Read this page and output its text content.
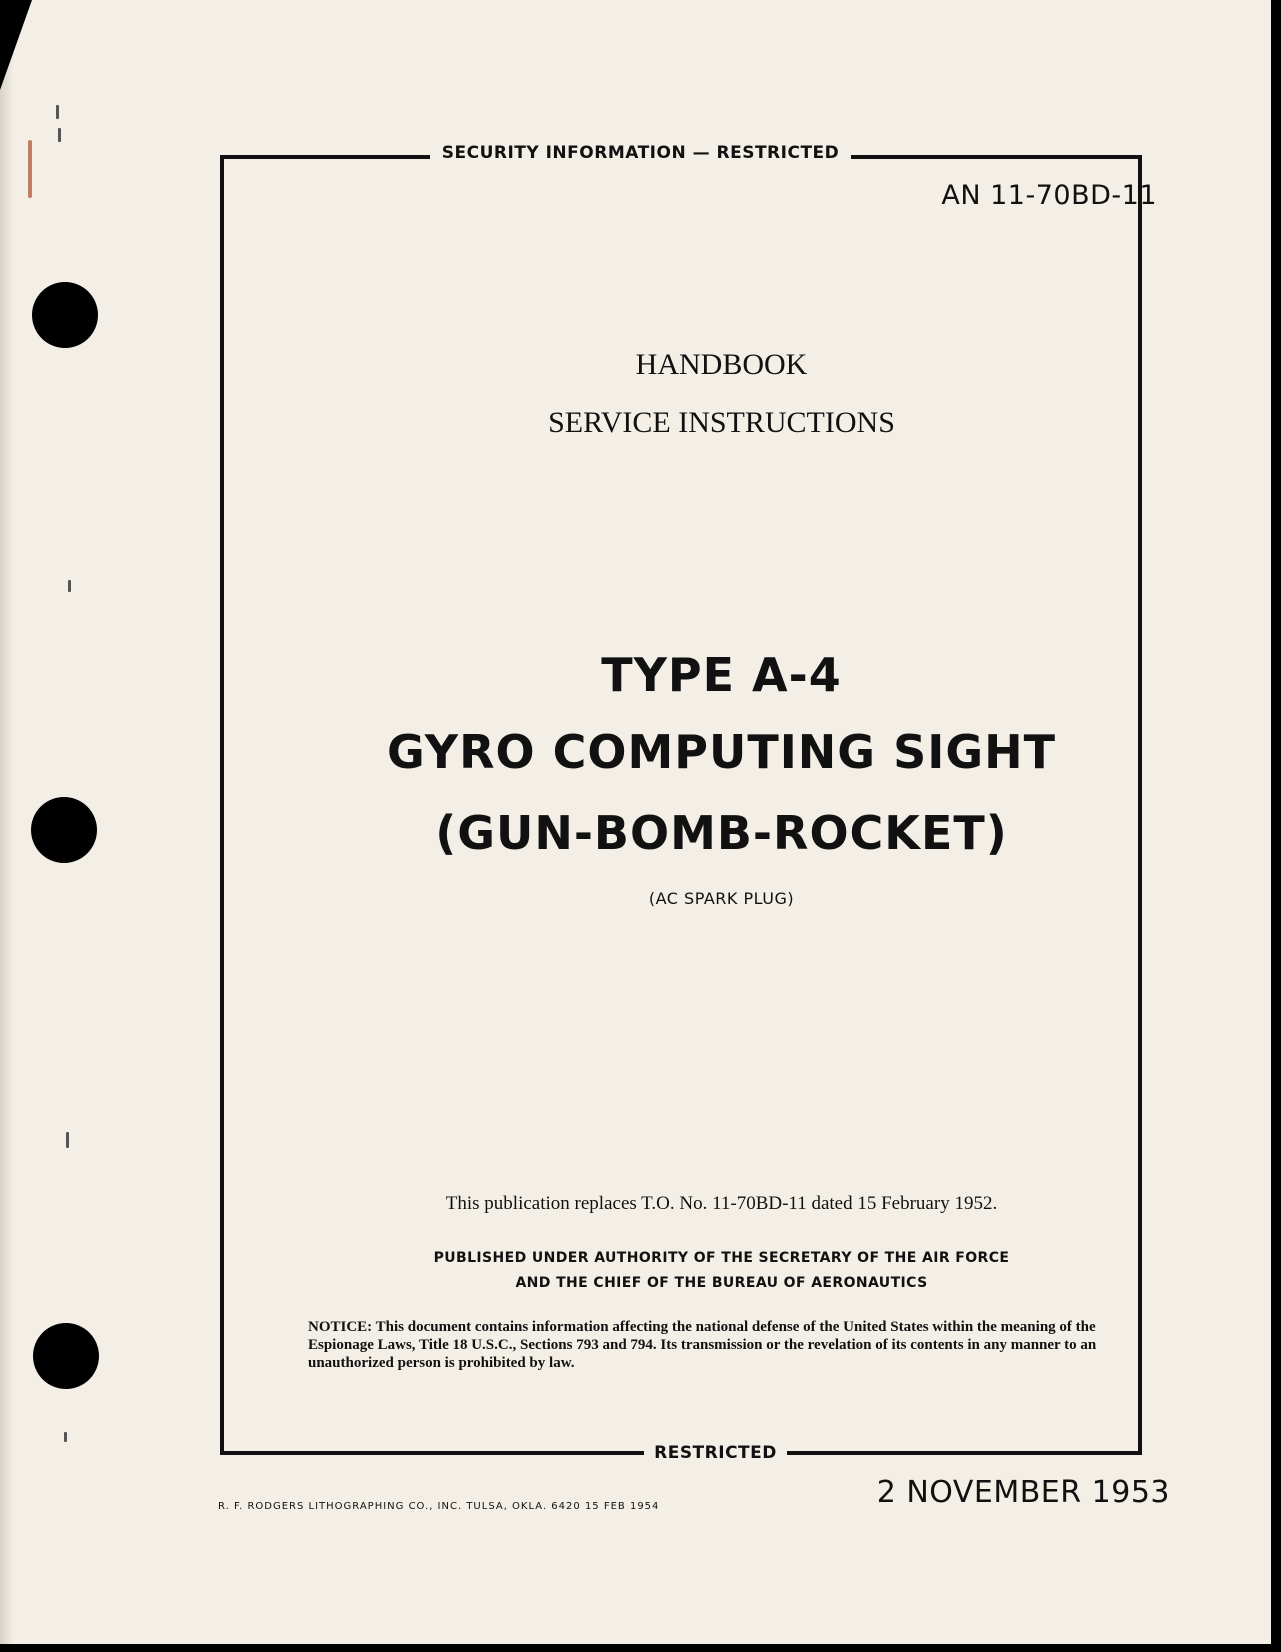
SECURITY INFORMATION — RESTRICTED
AN 11-70BD-11
HANDBOOK
SERVICE INSTRUCTIONS
TYPE A-4
GYRO COMPUTING SIGHT
(GUN-BOMB-ROCKET)
(AC SPARK PLUG)
This publication replaces T.O. No. 11-70BD-11 dated 15 February 1952.
PUBLISHED UNDER AUTHORITY OF THE SECRETARY OF THE AIR FORCE
AND THE CHIEF OF THE BUREAU OF AERONAUTICS
NOTICE: This document contains information affecting the national defense of the United States within the meaning of the Espionage Laws, Title 18 U.S.C., Sections 793 and 794. Its transmission or the revelation of its contents in any manner to an unauthorized person is prohibited by law.
RESTRICTED
R. F. RODGERS LITHOGRAPHING CO., INC. TULSA, OKLA. 6420 15 FEB 1954	2 NOVEMBER 1953
